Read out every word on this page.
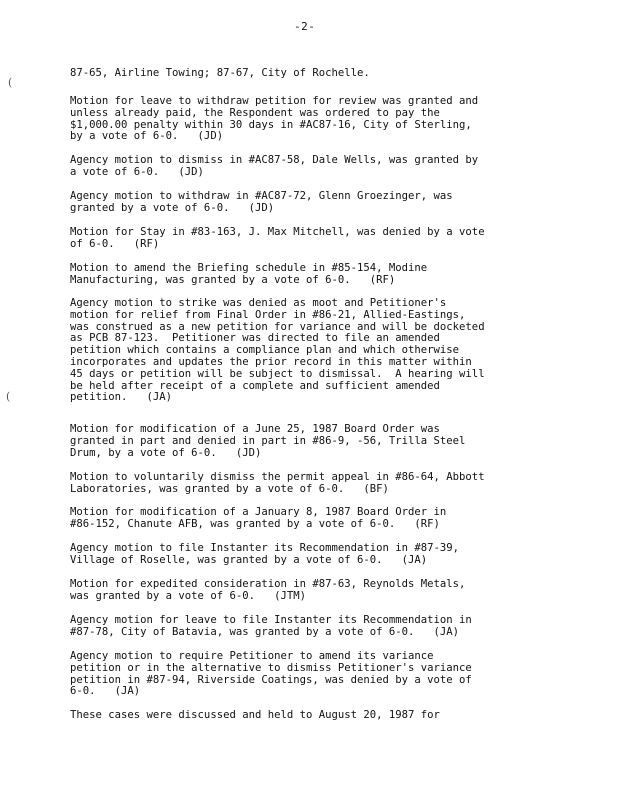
-2-
(
(

87-65, Airline Towing; 87-67, City of Rochelle.

Motion for leave to withdraw petition for review was granted and
unless already paid, the Respondent was ordered to pay the
$1,000.00 penalty within 30 days in #AC87-16, City of Sterling,
by a vote of 6-0.   (JD)

Agency motion to dismiss in #AC87-58, Dale Wells, was granted by
a vote of 6-0.   (JD)

Agency motion to withdraw in #AC87-72, Glenn Groezinger, was
granted by a vote of 6-0.   (JD)

Motion for Stay in #83-163, J. Max Mitchell, was denied by a vote
of 6-0.   (RF)

Motion to amend the Briefing schedule in #85-154, Modine
Manufacturing, was granted by a vote of 6-0.   (RF)

Agency motion to strike was denied as moot and Petitioner's
motion for relief from Final Order in #86-21, Allied-Eastings,
was construed as a new petition for variance and will be docketed
as PCB 87-123.  Petitioner was directed to file an amended
petition which contains a compliance plan and which otherwise
incorporates and updates the prior record in this matter within
45 days or petition will be subject to dismissal.  A hearing will
be held after receipt of a complete and sufficient amended
petition.   (JA)

Motion for modification of a June 25, 1987 Board Order was
granted in part and denied in part in #86-9, -56, Trilla Steel
Drum, by a vote of 6-0.   (JD)

Motion to voluntarily dismiss the permit appeal in #86-64, Abbott
Laboratories, was granted by a vote of 6-0.   (BF)

Motion for modification of a January 8, 1987 Board Order in
#86-152, Chanute AFB, was granted by a vote of 6-0.   (RF)

Agency motion to file Instanter its Recommendation in #87-39,
Village of Roselle, was granted by a vote of 6-0.   (JA)

Motion for expedited consideration in #87-63, Reynolds Metals,
was granted by a vote of 6-0.   (JTM)

Agency motion for leave to file Instanter its Recommendation in
#87-78, City of Batavia, was granted by a vote of 6-0.   (JA)

Agency motion to require Petitioner to amend its variance
petition or in the alternative to dismiss Petitioner's variance
petition in #87-94, Riverside Coatings, was denied by a vote of
6-0.   (JA)

These cases were discussed and held to August 20, 1987 for
